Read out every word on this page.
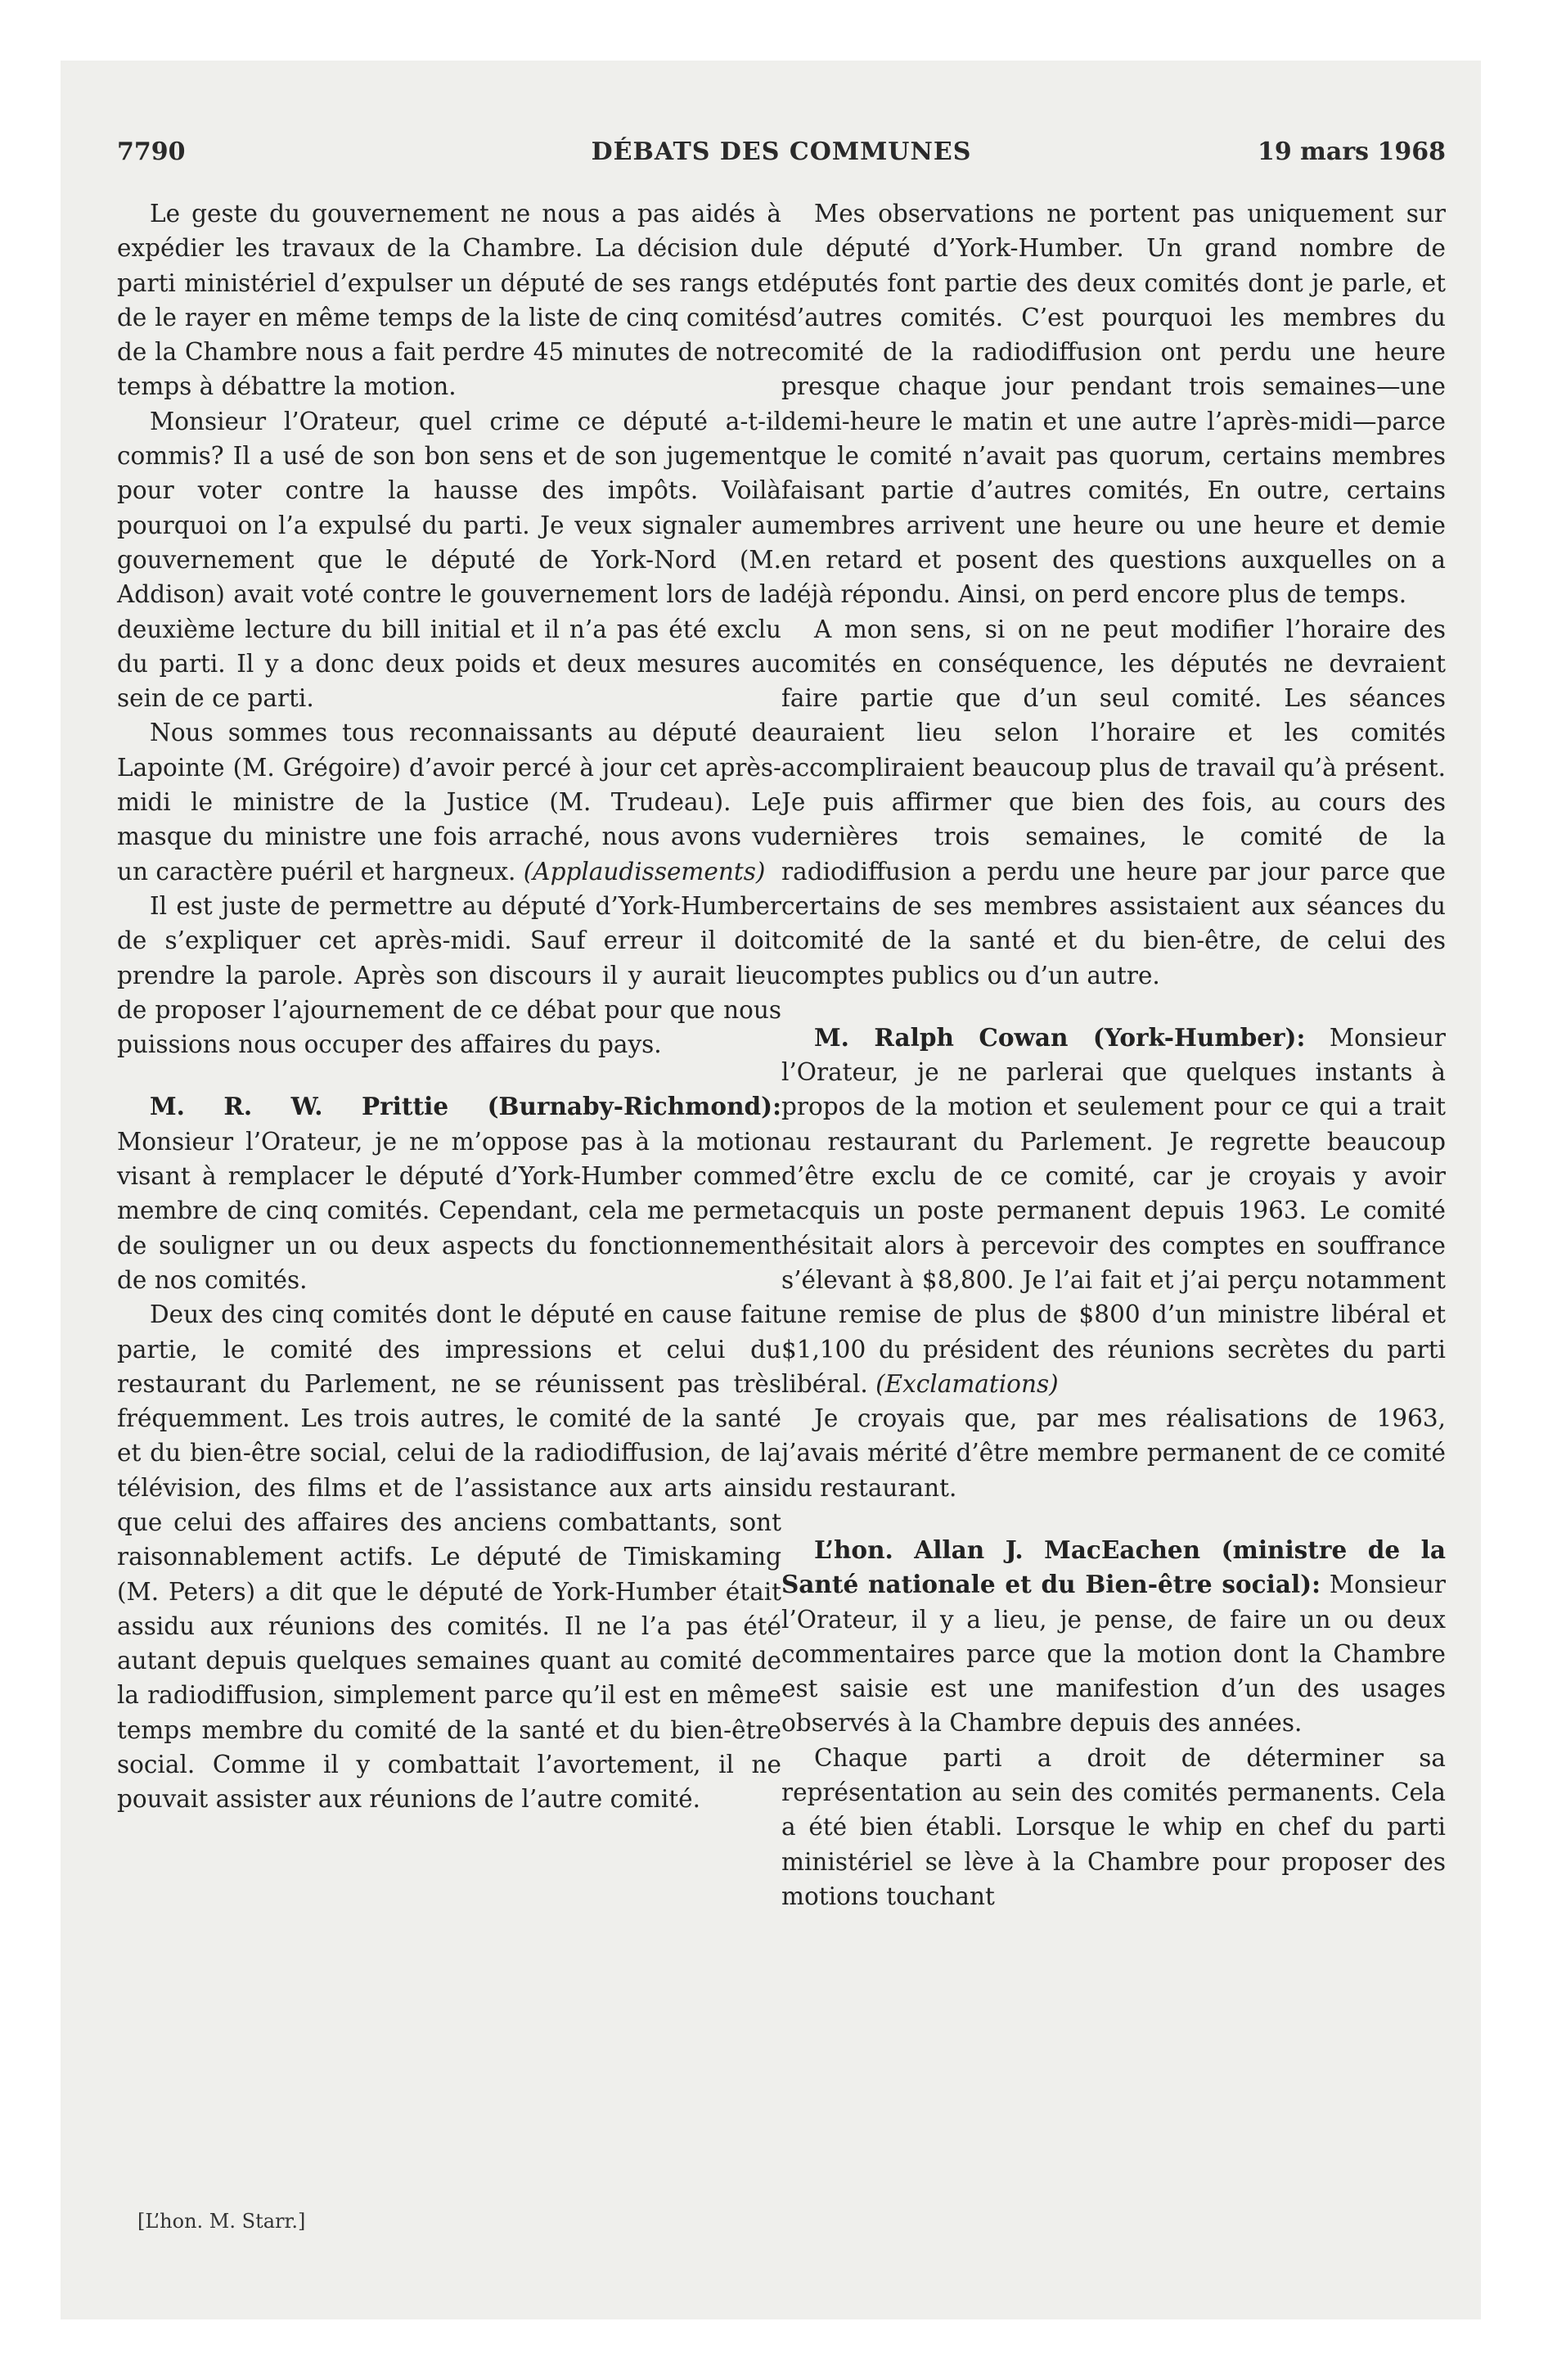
7790	DÉBATS DES COMMUNES	19 mars 1968

Le geste du gouvernement ne nous a pas aidés à expédier les travaux de la Chambre. La décision du parti ministériel d’expulser un député de ses rangs et de le rayer en même temps de la liste de cinq comités de la Chambre nous a fait perdre 45 minutes de notre temps à débattre la motion.

Monsieur l’Orateur, quel crime ce député a-t-il commis? Il a usé de son bon sens et de son jugement pour voter contre la hausse des impôts. Voilà pourquoi on l’a expulsé du parti. Je veux signaler au gouvernement que le député de York-Nord (M. Addison) avait voté contre le gouvernement lors de la deuxième lecture du bill initial et il n’a pas été exclu du parti. Il y a donc deux poids et deux mesures au sein de ce parti.

Nous sommes tous reconnaissants au député de Lapointe (M. Grégoire) d’avoir percé à jour cet après-midi le ministre de la Justice (M. Trudeau). Le masque du ministre une fois arraché, nous avons vu un caractère puéril et hargneux. (Applaudissements)

Il est juste de permettre au député d’York-Humber de s’expliquer cet après-midi. Sauf erreur il doit prendre la parole. Après son discours il y aurait lieu de proposer l’ajournement de ce débat pour que nous puissions nous occuper des affaires du pays.

M. R. W. Prittie (Burnaby-Richmond): Monsieur l’Orateur, je ne m’oppose pas à la motion visant à remplacer le député d’York-Humber comme membre de cinq comités. Cependant, cela me permet de souligner un ou deux aspects du fonctionnement de nos comités.

Deux des cinq comités dont le député en cause fait partie, le comité des impressions et celui du restaurant du Parlement, ne se réunissent pas très fréquemment. Les trois autres, le comité de la santé et du bien-être social, celui de la radiodiffusion, de la télévision, des films et de l’assistance aux arts ainsi que celui des affaires des anciens combattants, sont raisonnablement actifs. Le député de Timiskaming (M. Peters) a dit que le député de York-Humber était assidu aux réunions des comités. Il ne l’a pas été autant depuis quelques semaines quant au comité de la radiodiffusion, simplement parce qu’il est en même temps membre du comité de la santé et du bien-être social. Comme il y combattait l’avortement, il ne pouvait assister aux réunions de l’autre comité.

Mes observations ne portent pas uniquement sur le député d’York-Humber. Un grand nombre de députés font partie des deux comités dont je parle, et d’autres comités. C’est pourquoi les membres du comité de la radiodiffusion ont perdu une heure presque chaque jour pendant trois semaines—une demi-heure le matin et une autre l’après-midi—parce que le comité n’avait pas quorum, certains membres faisant partie d’autres comités, En outre, certains membres arrivent une heure ou une heure et demie en retard et posent des questions auxquelles on a déjà répondu. Ainsi, on perd encore plus de temps.

A mon sens, si on ne peut modifier l’horaire des comités en conséquence, les députés ne devraient faire partie que d’un seul comité. Les séances auraient lieu selon l’horaire et les comités accompliraient beaucoup plus de travail qu’à présent. Je puis affirmer que bien des fois, au cours des dernières trois semaines, le comité de la radiodiffusion a perdu une heure par jour parce que certains de ses membres assistaient aux séances du comité de la santé et du bien-être, de celui des comptes publics ou d’un autre.

M. Ralph Cowan (York-Humber): Monsieur l’Orateur, je ne parlerai que quelques instants à propos de la motion et seulement pour ce qui a trait au restaurant du Parlement. Je regrette beaucoup d’être exclu de ce comité, car je croyais y avoir acquis un poste permanent depuis 1963. Le comité hésitait alors à percevoir des comptes en souffrance s’élevant à $8,800. Je l’ai fait et j’ai perçu notamment une remise de plus de $800 d’un ministre libéral et $1,100 du président des réunions secrètes du parti libéral. (Exclamations)

Je croyais que, par mes réalisations de 1963, j’avais mérité d’être membre permanent de ce comité du restaurant.

L’hon. Allan J. MacEachen (ministre de la Santé nationale et du Bien-être social): Monsieur l’Orateur, il y a lieu, je pense, de faire un ou deux commentaires parce que la motion dont la Chambre est saisie est une manifestion d’un des usages observés à la Chambre depuis des années.

Chaque parti a droit de déterminer sa représentation au sein des comités permanents. Cela a été bien établi. Lorsque le whip en chef du parti ministériel se lève à la Chambre pour proposer des motions touchant

[L’hon. M. Starr.]
